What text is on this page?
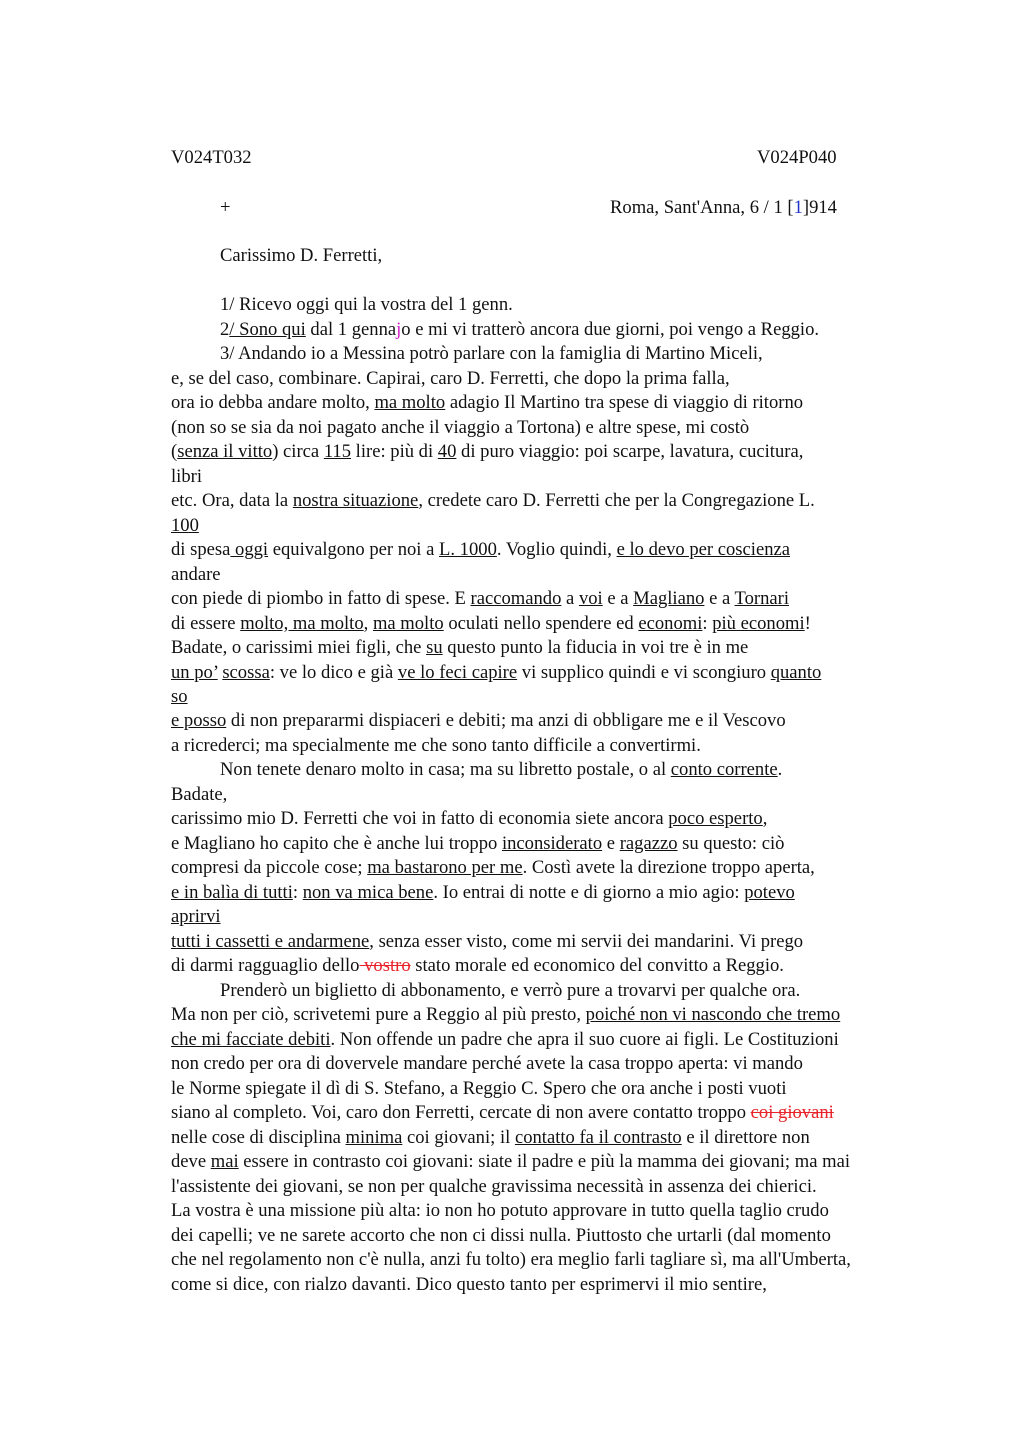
V024T032	V024P040
+	Roma, Sant'Anna, 6 / 1 [1]914
Carissimo D. Ferretti,
1/ Ricevo oggi qui la vostra del 1 genn.
2/ Sono qui dal 1 gennajo e mi vi tratterò ancora due giorni, poi vengo a Reggio.
3/ Andando io a Messina potrò parlare con la famiglia di Martino Miceli,
e, se del caso, combinare. Capirai, caro D. Ferretti, che dopo la prima falla,
ora io debba andare molto, ma molto adagio Il Martino tra spese di viaggio di ritorno
(non so se sia da noi pagato anche il viaggio a Tortona) e altre spese, mi costò
(senza il vitto) circa 115 lire: più di 40 di puro viaggio: poi scarpe, lavatura, cucitura,
libri
etc. Ora, data la nostra situazione, credete caro D. Ferretti che per la Congregazione L.
100
di spesa oggi equivalgono per noi a L. 1000. Voglio quindi, e lo devo per coscienza
andare
con piede di piombo in fatto di spese. E raccomando a voi e a Magliano e a Tornari
di essere molto, ma molto, ma molto oculati nello spendere ed economi: più economi!
Badate, o carissimi miei figli, che su questo punto la fiducia in voi tre è in me
un po’ scossa: ve lo dico e già ve lo feci capire vi supplico quindi e vi scongiuro quanto
so
e posso di non prepararmi dispiaceri e debiti; ma anzi di obbligare me e il Vescovo
a ricrederci; ma specialmente me che sono tanto difficile a convertirmi.
Non tenete denaro molto in casa; ma su libretto postale, o al conto corrente.
Badate,
carissimo mio D. Ferretti che voi in fatto di economia siete ancora poco esperto,
e Magliano ho capito che è anche lui troppo inconsiderato e ragazzo su questo: ciò
compresi da piccole cose; ma bastarono per me. Costì avete la direzione troppo aperta,
e in balìa di tutti: non va mica bene. Io entrai di notte e di giorno a mio agio: potevo
aprirvi
tutti i cassetti e andarmene, senza esser visto, come mi servii dei mandarini. Vi prego
di darmi ragguaglio dello vostro stato morale ed economico del convitto a Reggio.
Prenderò un biglietto di abbonamento, e verrò pure a trovarvi per qualche ora.
Ma non per ciò, scrivetemi pure a Reggio al più presto, poiché non vi nascondo che tremo
che mi facciate debiti. Non offende un padre che apra il suo cuore ai figli. Le Costituzioni
non credo per ora di dovervele mandare perché avete la casa troppo aperta: vi mando
le Norme spiegate il dì di S. Stefano, a Reggio C. Spero che ora anche i posti vuoti
siano al completo. Voi, caro don Ferretti, cercate di non avere contatto troppo coi giovani
nelle cose di disciplina minima coi giovani; il contatto fa il contrasto e il direttore non
deve mai essere in contrasto coi giovani: siate il padre e più la mamma dei giovani; ma mai
l'assistente dei giovani, se non per qualche gravissima necessità in assenza dei chierici.
La vostra è una missione più alta: io non ho potuto approvare in tutto quella taglio crudo
dei capelli; ve ne sarete accorto che non ci dissi nulla. Piuttosto che urtarli (dal momento
che nel regolamento non c'è nulla, anzi fu tolto) era meglio farli tagliare sì, ma all'Umberta,
come si dice, con rialzo davanti. Dico questo tanto per esprimervi il mio sentire,
